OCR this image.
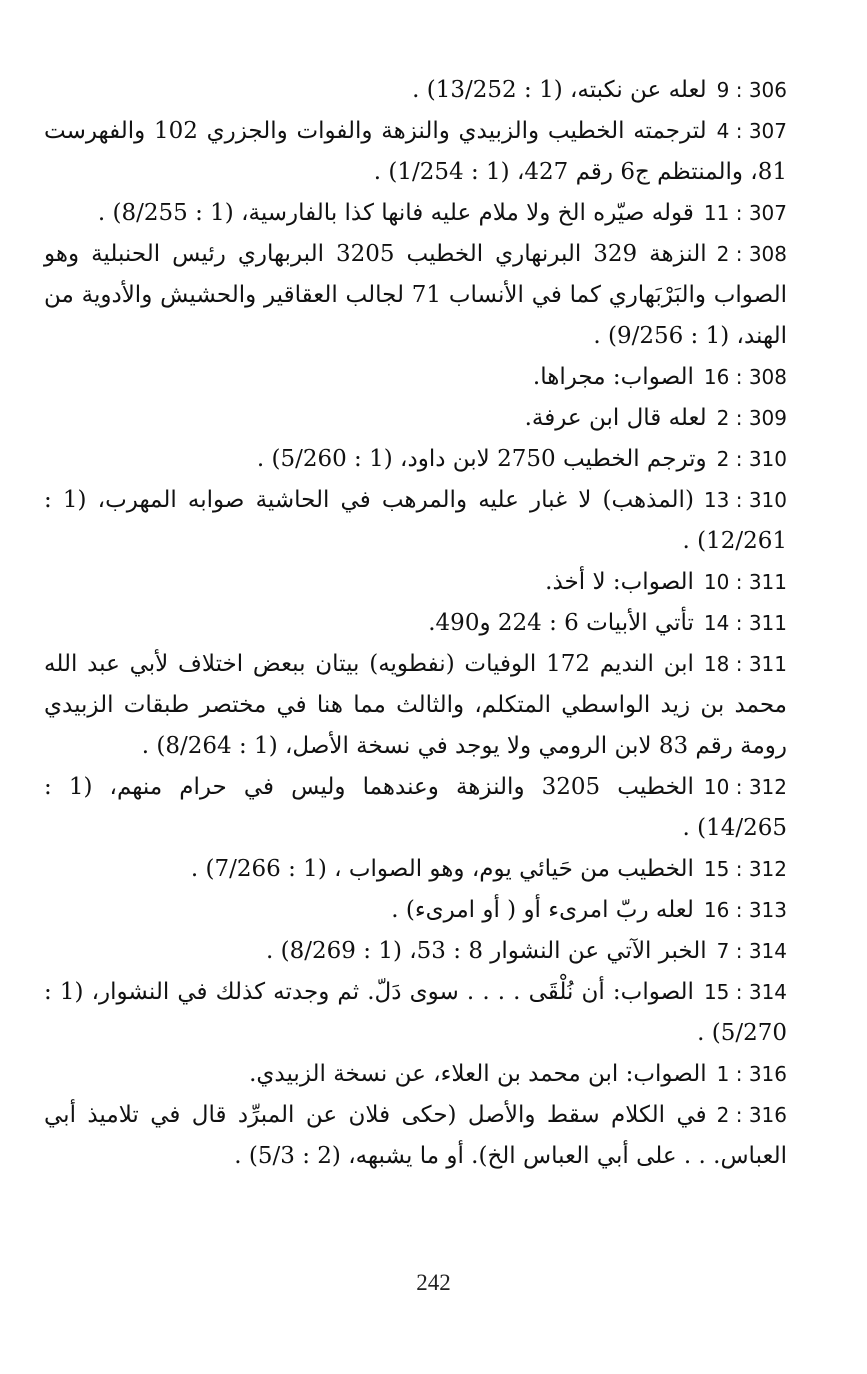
9 : 306لعله عن نكبته، (1 : 13/252) .
4 : 307لترجمته الخطيب والزبيدي والنزهة والفوات والجزري 102 والفهرست 81، والمنتظم ج6 رقم 427، (1 : 1/254) .
11 : 307قوله صيّره الخ ولا ملام عليه فانها كذا بالفارسية، (1 : 8/255) .
2 : 308النزهة 329 البرنهاري الخطيب 3205 البربهاري رئيس الحنبلية وهو الصواب والبَرْبَهاري كما في الأنساب 71 لجالب العقاقير والحشيش والأدوية من الهند، (1 : 9/256) .
16 : 308الصواب: مجراها.
2 : 309لعله قال ابن عرفة.
2 : 310وترجم الخطيب 2750 لابن داود، (1 : 5/260) .
13 : 310(المذهب) لا غبار عليه والمرهب في الحاشية صوابه المهرب، (1 : 12/261) .
10 : 311الصواب: لا أخذ.
14 : 311تأتي الأبيات 6 : 224 و490.
18 : 311ابن النديم 172 الوفيات (نفطويه) بيتان ببعض اختلاف لأبي عبد الله محمد بن زيد الواسطي المتكلم، والثالث مما هنا في مختصر طبقات الزبيدي رومة رقم 83 لابن الرومي ولا يوجد في نسخة الأصل، (1 : 8/264) .
10 : 312الخطيب 3205 والنزهة وعندهما وليس في حرام منهم، (1 : 14/265) .
15 : 312الخطيب من حَيائي يوم، وهو الصواب ، (1 : 7/266) .
16 : 313لعله ربّ امرىء أو ( أو امرىء) .
7 : 314الخبر الآتي عن النشوار 8 : 53، (1 : 8/269) .
15 : 314الصواب: أن نُلْقَى . . . . سوى دَلّ. ثم وجدته كذلك في النشوار، (1 : 5/270) .
1 : 316الصواب: ابن محمد بن العلاء، عن نسخة الزبيدي.
2 : 316في الكلام سقط والأصل (حكى فلان عن المبرِّد قال في تلاميذ أبي العباس. . . على أبي العباس الخ). أو ما يشبهه، (2 : 5/3) .
242
